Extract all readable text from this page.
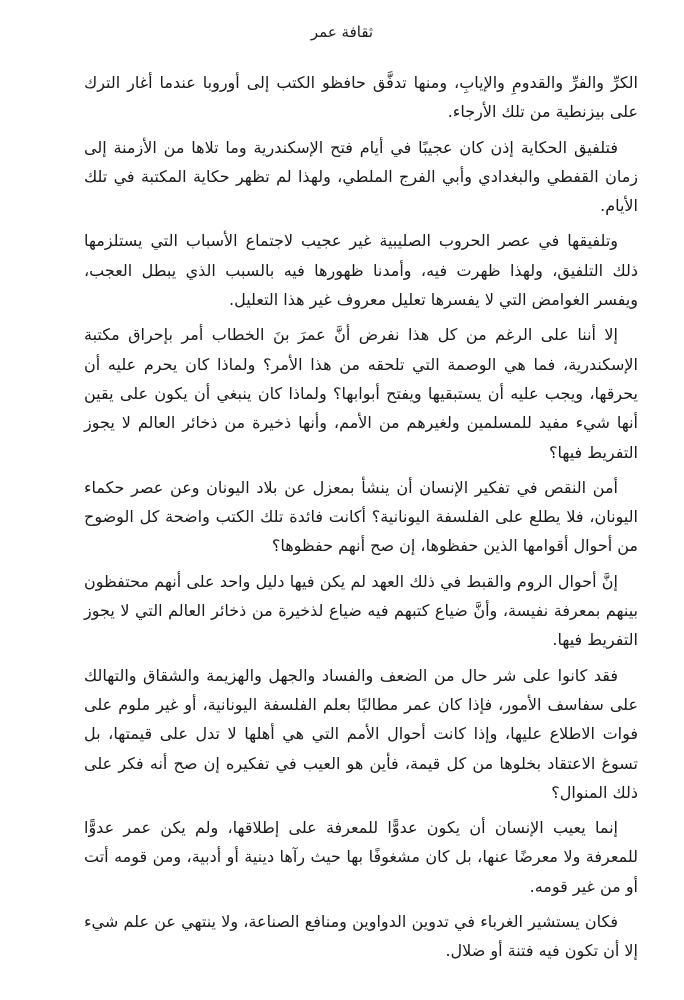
ثقافة عمر

الكرِّ والفرِّ والقدومِ والإيابِ، ومنها تدفَّق حافظو الكتب إلى أوروبا عندما أغار الترك على بيزنطية من تلك الأرجاء.

فتلفيق الحكاية إذن كان عجيبًا في أيام فتح الإسكندرية وما تلاها من الأزمنة إلى زمان القفطي والبغدادي وأبي الفرج الملطي، ولهذا لم تظهر حكاية المكتبة في تلك الأيام.

وتلفيقها في عصر الحروب الصليبية غير عجيب لاجتماع الأسباب التي يستلزمها ذلك التلفيق، ولهذا ظهرت فيه، وأمدنا ظهورها فيه بالسبب الذي يبطل العجب، ويفسر الغوامض التي لا يفسرها تعليل معروف غير هذا التعليل.

إلا أننا على الرغم من كل هذا نفرض أنَّ عمرَ بنَ الخطاب أمر بإحراق مكتبة الإسكندرية، فما هي الوصمة التي تلحقه من هذا الأمر؟ ولماذا كان يحرم عليه أن يحرقها، ويجب عليه أن يستبقيها ويفتح أبوابها؟ ولماذا كان ينبغي أن يكون على يقين أنها شيء مفيد للمسلمين ولغيرهم من الأمم، وأنها ذخيرة من ذخائر العالم لا يجوز التفريط فيها؟

أمن النقص في تفكير الإنسان أن ينشأ بمعزل عن بلاد اليونان وعن عصر حكماء اليونان، فلا يطلع على الفلسفة اليونانية؟ أكانت فائدة تلك الكتب واضحة كل الوضوح من أحوال أقوامها الذين حفظوها، إن صح أنهم حفظوها؟

إنَّ أحوال الروم والقبط في ذلك العهد لم يكن فيها دليل واحد على أنهم محتفظون بينهم بمعرفة نفيسة، وأنَّ ضياع كتبهم فيه ضياع لذخيرة من ذخائر العالم التي لا يجوز التفريط فيها.

فقد كانوا على شر حال من الضعف والفساد والجهل والهزيمة والشقاق والتهالك على سفاسف الأمور، فإذا كان عمر مطالبًا بعلم الفلسفة اليونانية، أو غير ملوم على فوات الاطلاع عليها، وإذا كانت أحوال الأمم التي هي أهلها لا تدل على قيمتها، بل تسوغ الاعتقاد بخلوها من كل قيمة، فأين هو العيب في تفكيره إن صح أنه فكر على ذلك المنوال؟

إنما يعيب الإنسان أن يكون عدوًّا للمعرفة على إطلاقها، ولم يكن عمر عدوًّا للمعرفة ولا معرضًا عنها، بل كان مشغوفًا بها حيث رآها دينية أو أدبية، ومن قومه أتت أو من غير قومه.

فكان يستشير الغرباء في تدوين الدواوين ومنافع الصناعة، ولا ينتهي عن علم شيء إلا أن تكون فيه فتنة أو ضلال.
